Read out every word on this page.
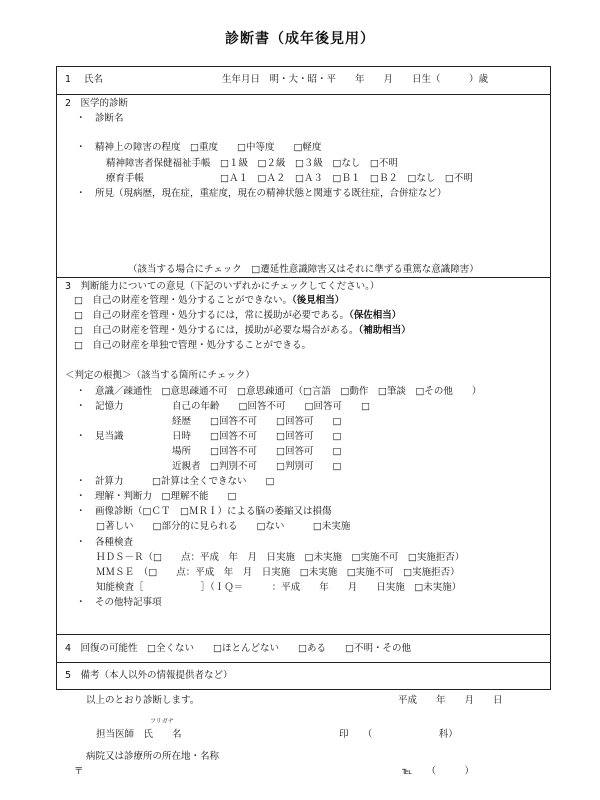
診断書（成年後見用）
1 氏名	生年月日　明・大・昭・平　　年　　月　　日生（　　　）歳
2　医学的診断
・　診断名
・　精神上の障害の程度　□重度　　□中等度　　□軽度
精神障害者保健福祉手帳　□１級　□２級　□３級　□なし　□不明
療育手帳　　　　　　　　□Ａ１　□Ａ２　□Ａ３　□Ｂ１　□Ｂ２　□なし　□不明
・　所見（現病歴，現在症，重症度，現在の精神状態と関連する既往症，合併症など）
（該当する場合にチェック　□遷延性意識障害又はそれに準ずる重篤な意識障害）
3　判断能力についての意見（下記のいずれかにチェックしてください。）
□　自己の財産を管理・処分することができない。（後見相当）
□　自己の財産を管理・処分するには，常に援助が必要である。（保佐相当）
□　自己の財産を管理・処分するには，援助が必要な場合がある。（補助相当）
□　自己の財産を単独で管理・処分することができる。
＜判定の根拠＞（該当する箇所にチェック）
・　意識／疎通性　□意思疎通不可　□意思疎通可（□言語　□動作　□筆談　□その他　　）
・　記憶力	自己の年齢　　□回答不可　　□回答可　　□
経歴　　□回答不可　　□回答可　　□
・　見当識	日時　　□回答不可　　□回答可　　□
場所　　□回答不可　　□回答可　　□
近親者　□判別不可　　□判別可　　□
・　計算力　　　□計算は全くできない　　□
・　理解・判断力　□理解不能　　□
・　画像診断（□ＣＴ　□ＭＲＩ）による脳の萎縮又は損傷
□著しい　　□部分的に見られる　　□ない　　　□未実施
・　各種検査
ＨＤＳ－Ｒ（□　　点：平成　年　月　日実施　□未実施　□実施不可　□実施拒否）
ＭＭＳＥ　（□　　点：平成　年　月　日実施　□未実施　□実施不可　□実施拒否）
知能検査［　　　　　　］（ＩＱ＝　　　：平成　　年　　月　　日実施　□未実施）
・　その他特記事項
4　回復の可能性　□全くない　　□ほとんどない　　□ある　　□不明・その他
5　備考（本人以外の情報提供者など）
以上のとおり診断します。	平成　　年　　月　　日
フリガナ
担当医師　氏　　名	印　　（　　　　　　　科）
病院又は診療所の所在地・名称
〒	℡　　（　　　）
